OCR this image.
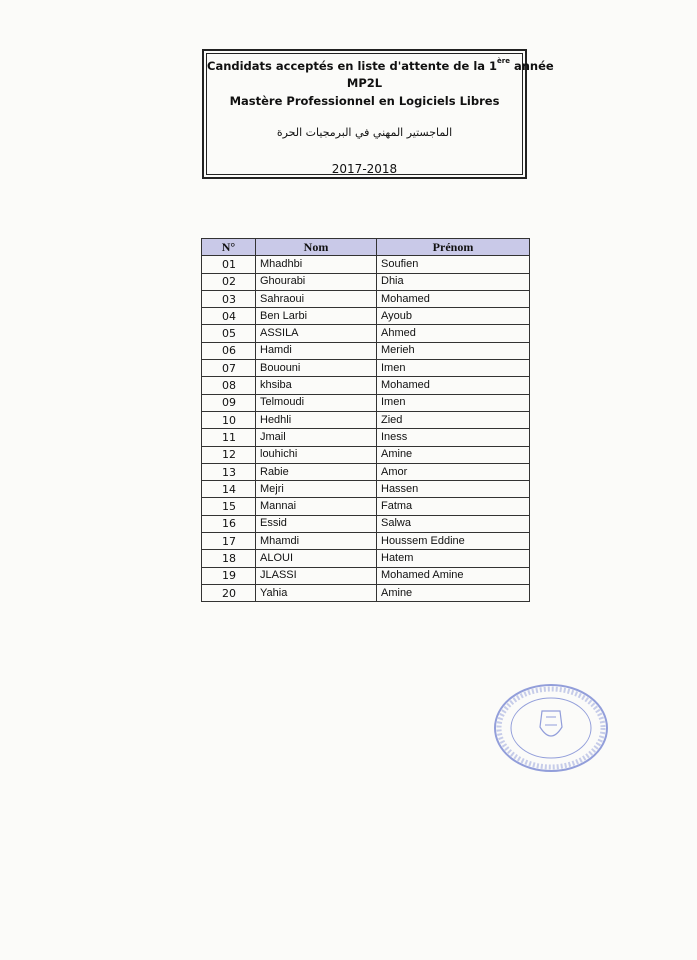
Candidats acceptés en liste d'attente de la 1ère année
MP2L
Mastère Professionnel en Logiciels Libres
الماجستير المهني في البرمجيات الحرة
2017-2018
N°	Nom	Prénom
01	Mhadhbi	Soufien
02	Ghourabi	Dhia
03	Sahraoui	Mohamed
04	Ben Larbi	Ayoub
05	ASSILA	Ahmed
06	Hamdi	Merieh
07	Bououni	Imen
08	khsiba	Mohamed
09	Telmoudi	Imen
10	Hedhli	Zied
11	Jmail	Iness
12	louhichi	Amine
13	Rabie	Amor
14	Mejri	Hassen
15	Mannai	Fatma
16	Essid	Salwa
17	Mhamdi	Houssem Eddine
18	ALOUI	Hatem
19	JLASSI	Mohamed Amine
20	Yahia	Amine
